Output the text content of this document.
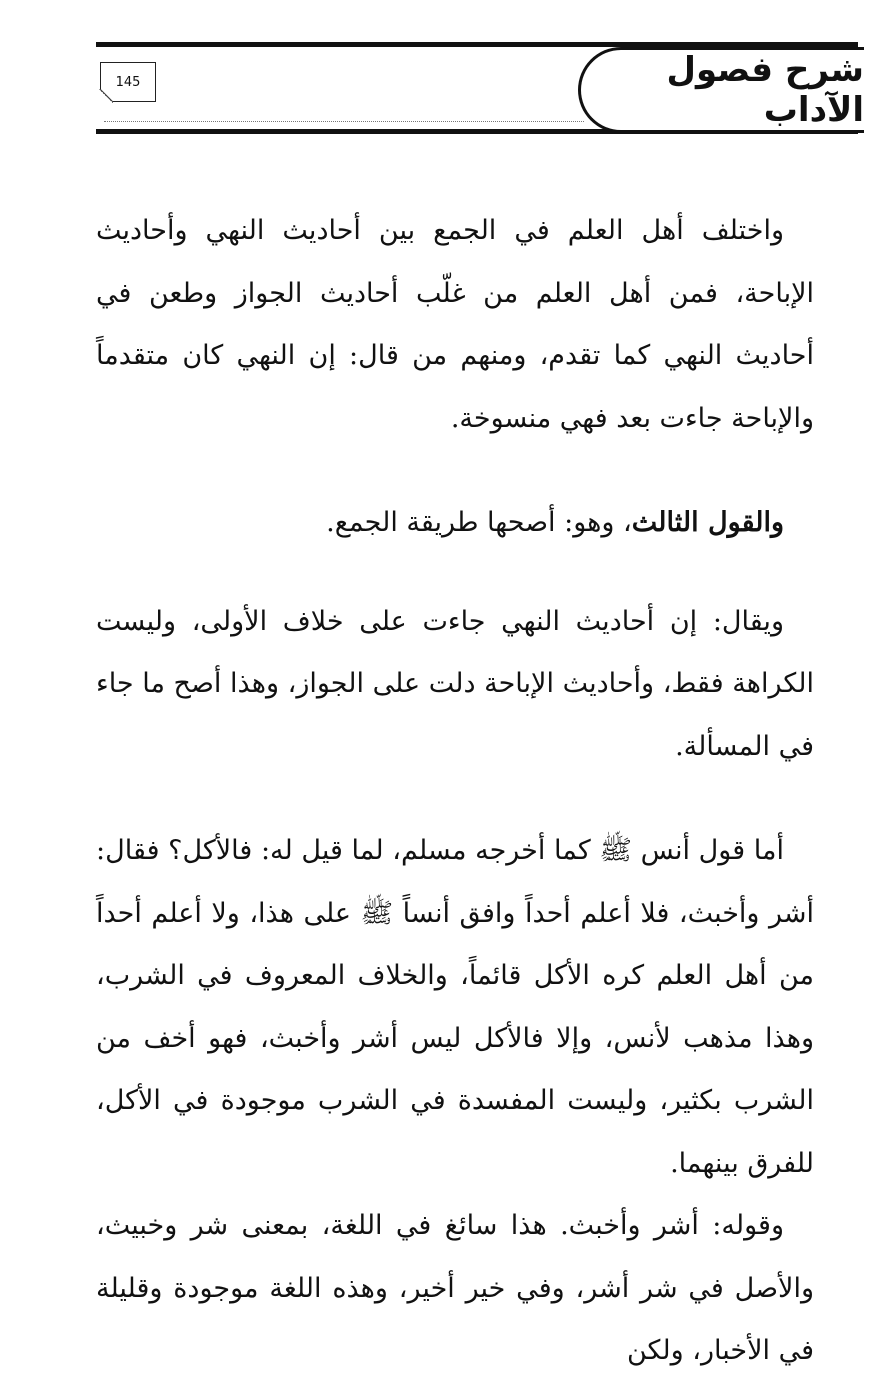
145	شرح فصول الآداب

واختلف أهل العلم في الجمع بين أحاديث النهي وأحاديث الإباحة، فمن أهل العلم من غلّب أحاديث الجواز وطعن في أحاديث النهي كما تقدم، ومنهم من قال: إن النهي كان متقدماً والإباحة جاءت بعد فهي منسوخة.

والقول الثالث، وهو: أصحها طريقة الجمع.

ويقال: إن أحاديث النهي جاءت على خلاف الأولى، وليست الكراهة فقط، وأحاديث الإباحة دلت على الجواز، وهذا أصح ما جاء في المسألة.

أما قول أنس ﷺ كما أخرجه مسلم، لما قيل له: فالأكل؟ فقال: أشر وأخبث، فلا أعلم أحداً وافق أنساً ﷺ على هذا، ولا أعلم أحداً من أهل العلم كره الأكل قائماً، والخلاف المعروف في الشرب، وهذا مذهب لأنس، وإلا فالأكل ليس أشر وأخبث، فهو أخف من الشرب بكثير، وليست المفسدة في الشرب موجودة في الأكل، للفرق بينهما.

وقوله: أشر وأخبث. هذا سائغ في اللغة، بمعنى شر وخبيث، والأصل في شر أشر، وفي خير أخير، وهذه اللغة موجودة وقليلة في الأخبار، ولكن
